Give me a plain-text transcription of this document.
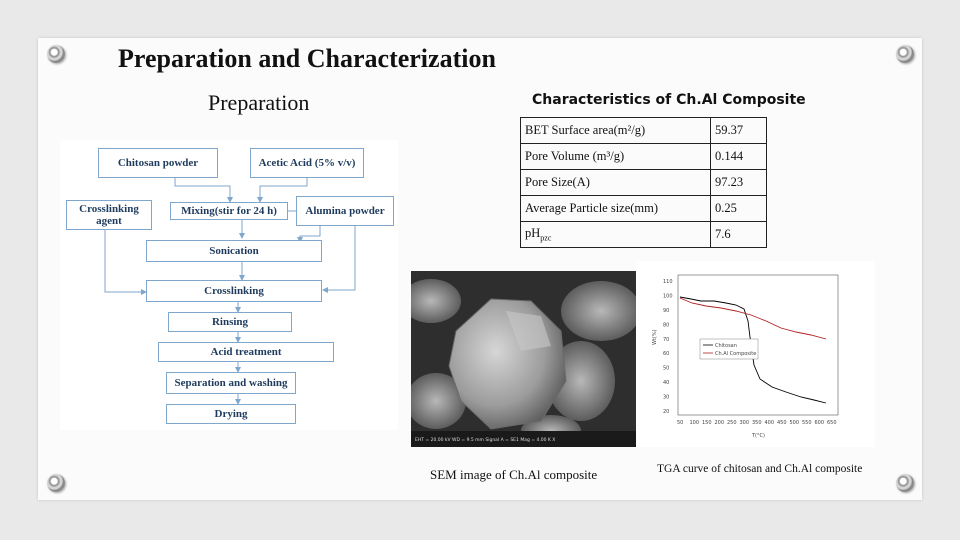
Preparation and Characterization
Preparation	Characteristics of Ch.Al Composite
Chitosan powder	Acetic Acid (5% v/v)
Crosslinking agent
Mixing(stir for 24 h)	Alumina powder
Sonication
Crosslinking
Rinsing
Acid treatment
Separation and washing
Drying
BET Surface area(m²/g)	59.37
Pore Volume (m³/g)	0.144
Pore Size(A)	97.23
Average Particle size(mm)	0.25
$pH_{pzc}$	7.6
EHT = 20.00 kV WD = 9.5 mm Signal A = SE1 Mag = 4.00 K X
SEM image of Ch.Al composite
110
100
90
80
70
60
50
40
30
20
50 100 150 200 250 300 350 400 450 500 550 600 650
Wt(%)
T(°C)
Chitosan
Ch.Al Composite
TGA curve of chitosan and Ch.Al composite
